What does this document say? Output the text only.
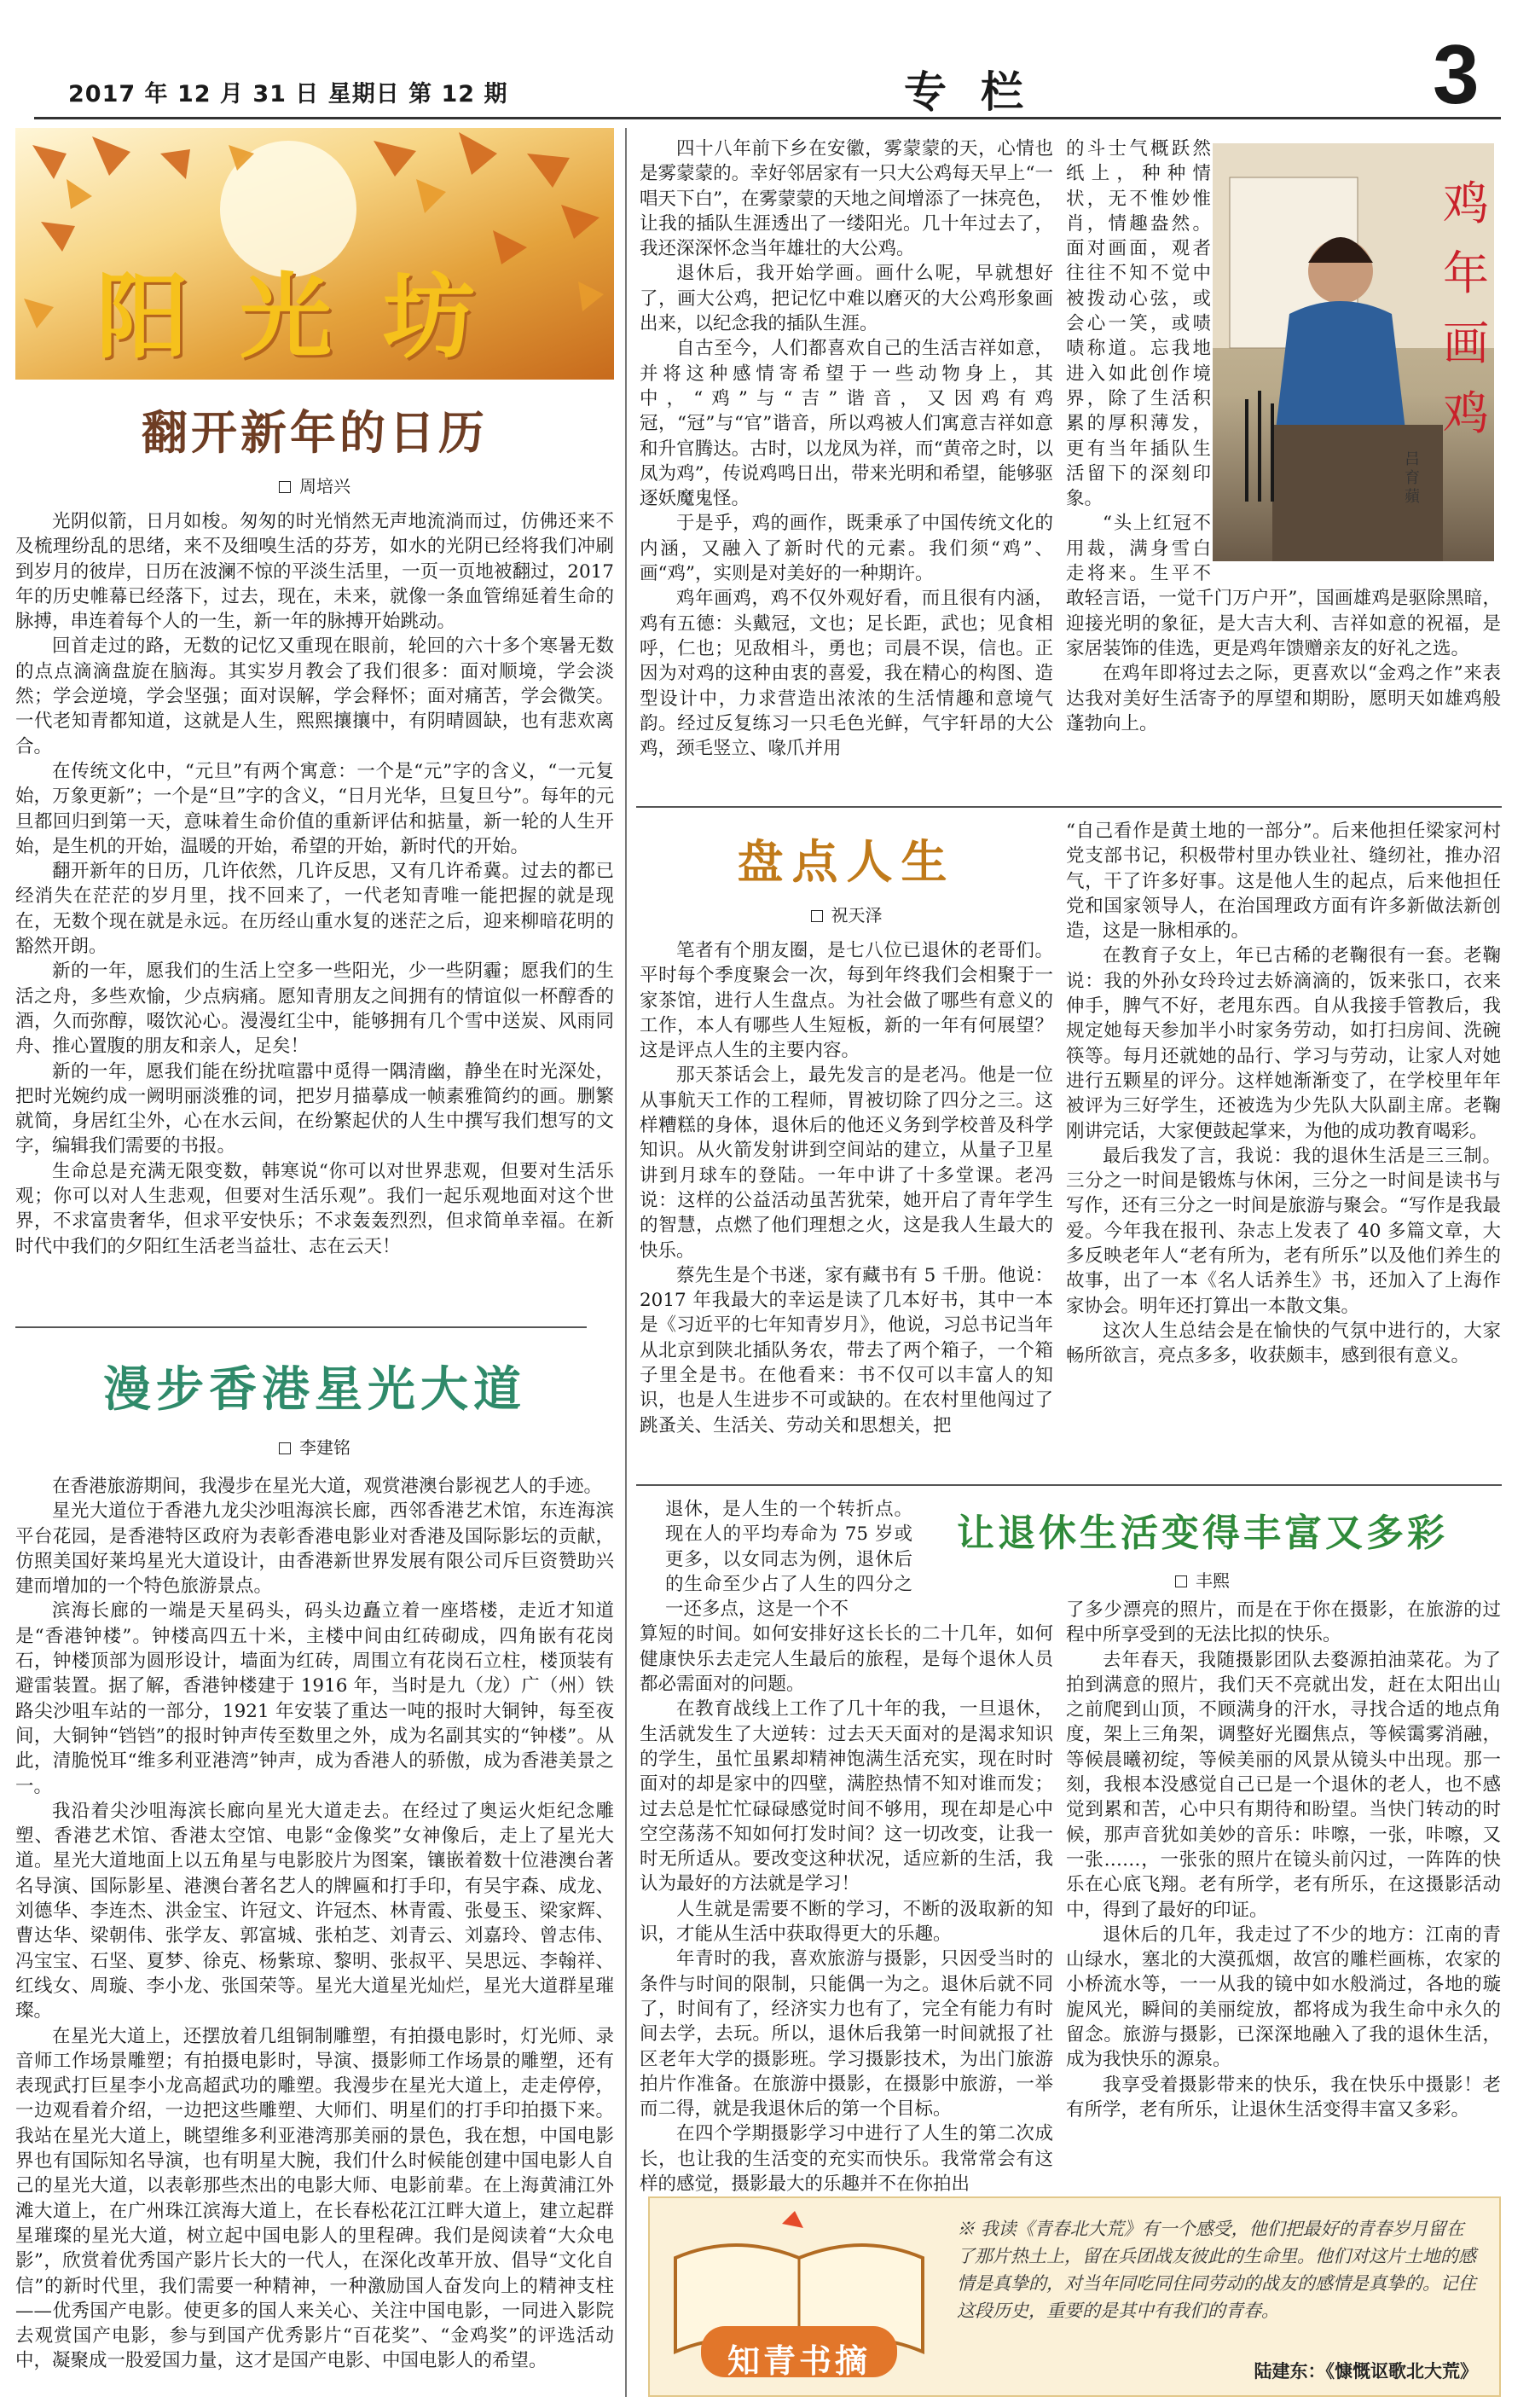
2017 年 12 月 31 日 星期日 第 12 期	专栏	3
阳光坊
翻开新年的日历
周培兴

光阴似箭，日月如梭。匆匆的时光悄然无声地流淌而过，仿佛还来不及梳理纷乱的思绪，来不及细嗅生活的芬芳，如水的光阴已经将我们冲刷到岁月的彼岸，日历在波澜不惊的平淡生活里，一页一页地被翻过，2017 年的历史帷幕已经落下，过去，现在，未来，就像一条血管绵延着生命的脉搏，串连着每个人的一生，新一年的脉搏开始跳动。

回首走过的路，无数的记忆又重现在眼前，轮回的六十多个寒暑无数的点点滴滴盘旋在脑海。其实岁月教会了我们很多：面对顺境，学会淡然；学会逆境，学会坚强；面对误解，学会释怀；面对痛苦，学会微笑。一代老知青都知道，这就是人生，熙熙攘攘中，有阴晴圆缺，也有悲欢离合。

在传统文化中，“元旦”有两个寓意：一个是“元”字的含义，“一元复始，万象更新”；一个是“旦”字的含义，“日月光华，旦复旦兮”。每年的元旦都回归到第一天，意味着生命价值的重新评估和掂量，新一轮的人生开始，是生机的开始，温暖的开始，希望的开始，新时代的开始。

翻开新年的日历，几许依然，几许反思，又有几许希冀。过去的都已经消失在茫茫的岁月里，找不回来了，一代老知青唯一能把握的就是现在，无数个现在就是永远。在历经山重水复的迷茫之后，迎来柳暗花明的豁然开朗。

新的一年，愿我们的生活上空多一些阳光，少一些阴霾；愿我们的生活之舟，多些欢愉，少点病痛。愿知青朋友之间拥有的情谊似一杯醇香的酒，久而弥醇，啜饮沁心。漫漫红尘中，能够拥有几个雪中送炭、风雨同舟、推心置腹的朋友和亲人，足矣！

新的一年，愿我们能在纷扰喧嚣中觅得一隅清幽，静坐在时光深处，把时光婉约成一阙明丽淡雅的词，把岁月描摹成一帧素雅简约的画。删繁就简，身居红尘外，心在水云间，在纷繁起伏的人生中撰写我们想写的文字，编辑我们需要的书报。

生命总是充满无限变数，韩寒说“你可以对世界悲观，但要对生活乐观；你可以对人生悲观，但要对生活乐观”。我们一起乐观地面对这个世界，不求富贵奢华，但求平安快乐；不求轰轰烈烈，但求简单幸福。在新时代中我们的夕阳红生活老当益壮、志在云天！

漫步香港星光大道
李建铭

在香港旅游期间，我漫步在星光大道，观赏港澳台影视艺人的手迹。

星光大道位于香港九龙尖沙咀海滨长廊，西邻香港艺术馆，东连海滨平台花园，是香港特区政府为表彰香港电影业对香港及国际影坛的贡献，仿照美国好莱坞星光大道设计，由香港新世界发展有限公司斥巨资赞助兴建而增加的一个特色旅游景点。

滨海长廊的一端是天星码头，码头边矗立着一座塔楼，走近才知道是“香港钟楼”。钟楼高四五十米，主楼中间由红砖砌成，四角嵌有花岗石，钟楼顶部为圆形设计，墙面为红砖，周围立有花岗石立柱，楼顶装有避雷装置。据了解，香港钟楼建于 1916 年，当时是九（龙）广（州）铁路尖沙咀车站的一部分，1921 年安装了重达一吨的报时大铜钟，每至夜间，大铜钟“铛铛”的报时钟声传至数里之外，成为名副其实的“钟楼”。从此，清脆悦耳“维多利亚港湾”钟声，成为香港人的骄傲，成为香港美景之一。

我沿着尖沙咀海滨长廊向星光大道走去。在经过了奥运火炬纪念雕塑、香港艺术馆、香港太空馆、电影“金像奖”女神像后，走上了星光大道。星光大道地面上以五角星与电影胶片为图案，镶嵌着数十位港澳台著名导演、国际影星、港澳台著名艺人的牌匾和打手印，有吴宇森、成龙、刘德华、李连杰、洪金宝、许冠文、许冠杰、林青霞、张曼玉、梁家辉、曹达华、梁朝伟、张学友、郭富城、张柏芝、刘青云、刘嘉玲、曾志伟、冯宝宝、石坚、夏梦、徐克、杨紫琼、黎明、张叔平、吴思远、李翰祥、红线女、周璇、李小龙、张国荣等。星光大道星光灿烂，星光大道群星璀璨。

在星光大道上，还摆放着几组铜制雕塑，有拍摄电影时，灯光师、录音师工作场景雕塑；有拍摄电影时，导演、摄影师工作场景的雕塑，还有表现武打巨星李小龙高超武功的雕塑。我漫步在星光大道上，走走停停，一边观看着介绍，一边把这些雕塑、大师们、明星们的打手印拍摄下来。我站在星光大道上，眺望维多利亚港湾那美丽的景色，我在想，中国电影界也有国际知名导演，也有明星大腕，我们什么时候能创建中国电影人自己的星光大道，以表彰那些杰出的电影大师、电影前辈。在上海黄浦江外滩大道上，在广州珠江滨海大道上，在长春松花江江畔大道上，建立起群星璀璨的星光大道，树立起中国电影人的里程碑。我们是阅读着“大众电影”，欣赏着优秀国产影片长大的一代人，在深化改革开放、倡导“文化自信”的新时代里，我们需要一种精神，一种激励国人奋发向上的精神支柱——优秀国产电影。使更多的国人来关心、关注中国电影，一同进入影院去观赏国产电影，参与到国产优秀影片“百花奖”、“金鸡奖”的评选活动中，凝聚成一股爱国力量，这才是国产电影、中国电影人的希望。

四十八年前下乡在安徽，雾蒙蒙的天，心情也是雾蒙蒙的。幸好邻居家有一只大公鸡每天早上“一唱天下白”，在雾蒙蒙的天地之间增添了一抹亮色，让我的插队生涯透出了一缕阳光。几十年过去了，我还深深怀念当年雄壮的大公鸡。

退休后，我开始学画。画什么呢，早就想好了，画大公鸡，把记忆中难以磨灭的大公鸡形象画出来，以纪念我的插队生涯。

自古至今，人们都喜欢自己的生活吉祥如意，并将这种感情寄希望于一些动物身上，其中，“鸡”与“吉”谐音，又因鸡有鸡冠，“冠”与“官”谐音，所以鸡被人们寓意吉祥如意和升官腾达。古时，以龙凤为祥，而“黄帝之时，以凤为鸡”，传说鸡鸣日出，带来光明和希望，能够驱逐妖魔鬼怪。

于是乎，鸡的画作，既秉承了中国传统文化的内涵，又融入了新时代的元素。我们须“鸡”、画“鸡”，实则是对美好的一种期许。

鸡年画鸡，鸡不仅外观好看，而且很有内涵，鸡有五德：头戴冠，文也；足长距，武也；见食相呼，仁也；见敌相斗，勇也；司晨不误，信也。正因为对鸡的这种由衷的喜爱，我在精心的构图、造型设计中，力求营造出浓浓的生活情趣和意境气韵。经过反复练习一只毛色光鲜，气宇轩昂的大公鸡，颈毛竖立、喙爪并用

的斗士气概跃然纸上，种种情状，无不惟妙惟肖，情趣盎然。面对画面，观者往往不知不觉中被拨动心弦，或会心一笑，或啧啧称道。忘我地进入如此创作境界，除了生活积累的厚积薄发，更有当年插队生活留下的深刻印象。

“头上红冠不用裁，满身雪白走将来。生平不敢轻言语，一觉千门万户开”，国画雄鸡是驱除黑暗，迎接光明的象征，是大吉大利、吉祥如意的祝福，是家居装饰的佳选，更是鸡年馈赠亲友的好礼之选。

在鸡年即将过去之际，更喜欢以“金鸡之作”来表达我对美好生活寄予的厚望和期盼，愿明天如雄鸡般蓬勃向上。

鸡年画鸡
吕育蘋
盘点人生
祝天泽

笔者有个朋友圈，是七八位已退休的老哥们。平时每个季度聚会一次，每到年终我们会相聚于一家茶馆，进行人生盘点。为社会做了哪些有意义的工作，本人有哪些人生短板，新的一年有何展望？这是评点人生的主要内容。

那天茶话会上，最先发言的是老冯。他是一位从事航天工作的工程师，胃被切除了四分之三。这样糟糕的身体，退休后的他还义务到学校普及科学知识。从火箭发射讲到空间站的建立，从量子卫星讲到月球车的登陆。一年中讲了十多堂课。老冯说：这样的公益活动虽苦犹荣，她开启了青年学生的智慧，点燃了他们理想之火，这是我人生最大的快乐。

蔡先生是个书迷，家有藏书有 5 千册。他说：2017 年我最大的幸运是读了几本好书，其中一本是《习近平的七年知青岁月》，他说，习总书记当年从北京到陕北插队务农，带去了两个箱子，一个箱子里全是书。在他看来：书不仅可以丰富人的知识，也是人生进步不可或缺的。在农村里他闯过了跳蚤关、生活关、劳动关和思想关，把

“自己看作是黄土地的一部分”。后来他担任梁家河村党支部书记，积极带村里办铁业社、缝纫社，推办沼气，干了许多好事。这是他人生的起点，后来他担任党和国家领导人，在治国理政方面有许多新做法新创造，这是一脉相承的。

在教育子女上，年已古稀的老鞠很有一套。老鞠说：我的外孙女玲玲过去娇滴滴的，饭来张口，衣来伸手，脾气不好，老甩东西。自从我接手管教后，我规定她每天参加半小时家务劳动，如打扫房间、洗碗筷等。每月还就她的品行、学习与劳动，让家人对她进行五颗星的评分。这样她渐渐变了，在学校里年年被评为三好学生，还被选为少先队大队副主席。老鞠刚讲完话，大家便鼓起掌来，为他的成功教育喝彩。

最后我发了言，我说：我的退休生活是三三制。三分之一时间是锻炼与休闲，三分之一时间是读书与写作，还有三分之一时间是旅游与聚会。“写作是我最爱。今年我在报刊、杂志上发表了 40 多篇文章，大多反映老年人“老有所为，老有所乐”以及他们养生的故事，出了一本《名人话养生》书，还加入了上海作家协会。明年还打算出一本散文集。

这次人生总结会是在愉快的气氛中进行的，大家畅所欲言，亮点多多，收获颇丰，感到很有意义。

让退休生活变得丰富又多彩
丰熙

退休，是人生的一个转折点。现在人的平均寿命为 75 岁或更多，以女同志为例，退休后的生命至少占了人生的四分之一还多点，这是一个不

算短的时间。如何安排好这长长的二十几年，如何健康快乐去走完人生最后的旅程，是每个退休人员都必需面对的问题。

在教育战线上工作了几十年的我，一旦退休，生活就发生了大逆转：过去天天面对的是渴求知识的学生，虽忙虽累却精神饱满生活充实，现在时时面对的却是家中的四壁，满腔热情不知对谁而发；过去总是忙忙碌碌感觉时间不够用，现在却是心中空空荡荡不知如何打发时间？这一切改变，让我一时无所适从。要改变这种状况，适应新的生活，我认为最好的方法就是学习！

人生就是需要不断的学习，不断的汲取新的知识，才能从生活中获取得更大的乐趣。

年青时的我，喜欢旅游与摄影，只因受当时的条件与时间的限制，只能偶一为之。退休后就不同了，时间有了，经济实力也有了，完全有能力有时间去学，去玩。所以，退休后我第一时间就报了社区老年大学的摄影班。学习摄影技术，为出门旅游拍片作准备。在旅游中摄影，在摄影中旅游，一举而二得，就是我退休后的第一个目标。

在四个学期摄影学习中进行了人生的第二次成长，也让我的生活变的充实而快乐。我常常会有这样的感觉，摄影最大的乐趣并不在你拍出

了多少漂亮的照片，而是在于你在摄影，在旅游的过程中所享受到的无法比拟的快乐。

去年春天，我随摄影团队去婺源拍油菜花。为了拍到满意的照片，我们天不亮就出发，赶在太阳出山之前爬到山顶，不顾满身的汗水，寻找合适的地点角度，架上三角架，调整好光圈焦点，等候霭雾消融，等候晨曦初绽，等候美丽的风景从镜头中出现。那一刻，我根本没感觉自己已是一个退休的老人，也不感觉到累和苦，心中只有期待和盼望。当快门转动的时候，那声音犹如美妙的音乐：咔嚓，一张，咔嚓，又一张……，一张张的照片在镜头前闪过，一阵阵的快乐在心底飞翔。老有所学，老有所乐，在这摄影活动中，得到了最好的印证。

退休后的几年，我走过了不少的地方：江南的青山绿水，塞北的大漠孤烟，故宫的雕栏画栋，农家的小桥流水等，一一从我的镜中如水般淌过，各地的璇旎风光，瞬间的美丽绽放，都将成为我生命中永久的留念。旅游与摄影，已深深地融入了我的退休生活，成为我快乐的源泉。

我享受着摄影带来的快乐，我在快乐中摄影！老有所学，老有所乐，让退休生活变得丰富又多彩。

知青书摘
※ 我读《青春北大荒》有一个感受，他们把最好的青春岁月留在了那片热土上，留在兵团战友彼此的生命里。他们对这片土地的感情是真挚的，对当年同吃同住同劳动的战友的感情是真挚的。记住这段历史，重要的是其中有我们的青春。
陆建东：《慷慨讴歌北大荒》
